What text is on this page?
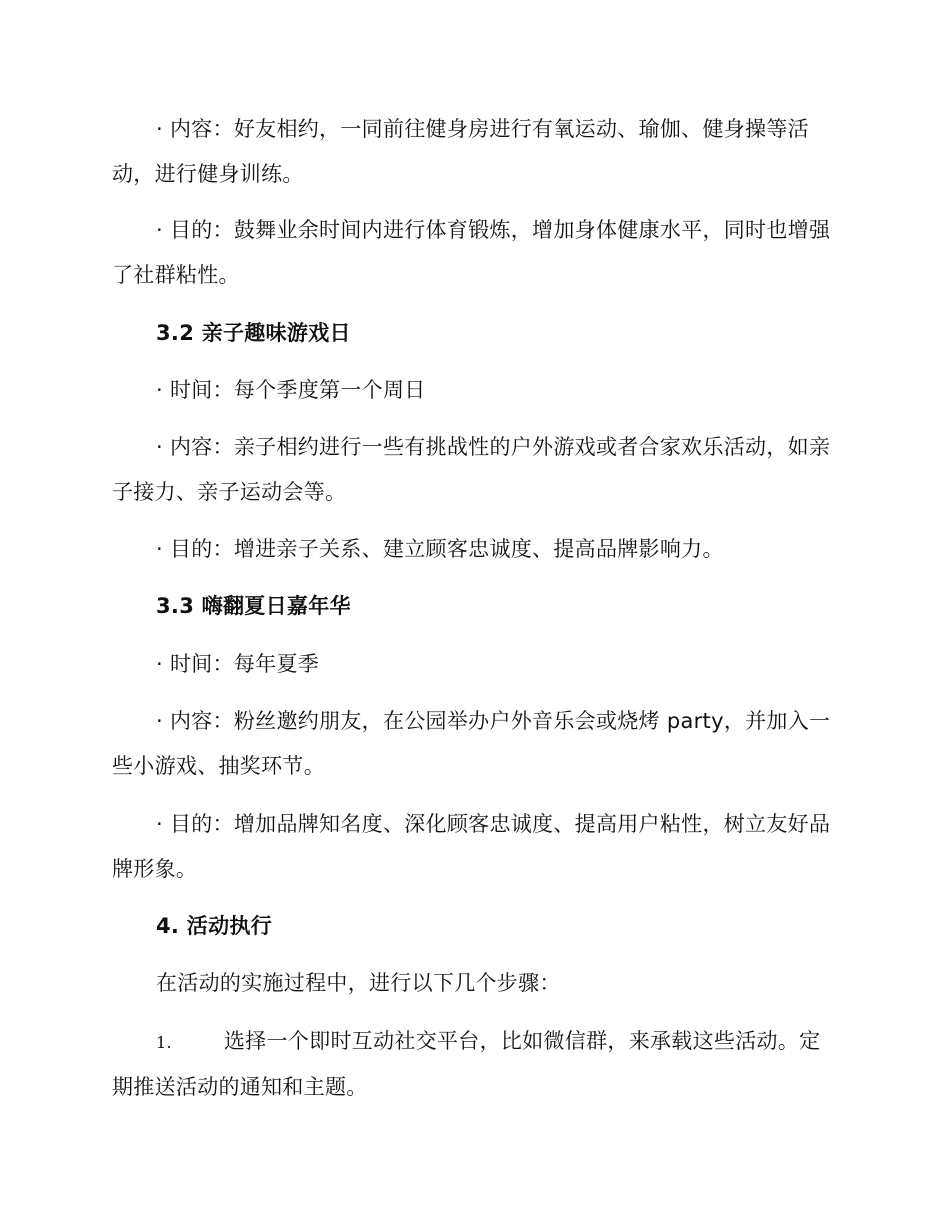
· 内容：好友相约，一同前往健身房进行有氧运动、瑜伽、健身操等活动，进行健身训练。
· 目的：鼓舞业余时间内进行体育锻炼，增加身体健康水平，同时也增强了社群粘性。
3.2 亲子趣味游戏日
· 时间：每个季度第一个周日
· 内容：亲子相约进行一些有挑战性的户外游戏或者合家欢乐活动，如亲子接力、亲子运动会等。
· 目的：增进亲子关系、建立顾客忠诚度、提高品牌影响力。
3.3 嗨翻夏日嘉年华
· 时间：每年夏季
· 内容：粉丝邀约朋友，在公园举办户外音乐会或烧烤 party，并加入一些小游戏、抽奖环节。
· 目的：增加品牌知名度、深化顾客忠诚度、提高用户粘性，树立友好品牌形象。
4. 活动执行
在活动的实施过程中，进行以下几个步骤：
1. 选择一个即时互动社交平台，比如微信群，来承载这些活动。定期推送活动的通知和主题。
